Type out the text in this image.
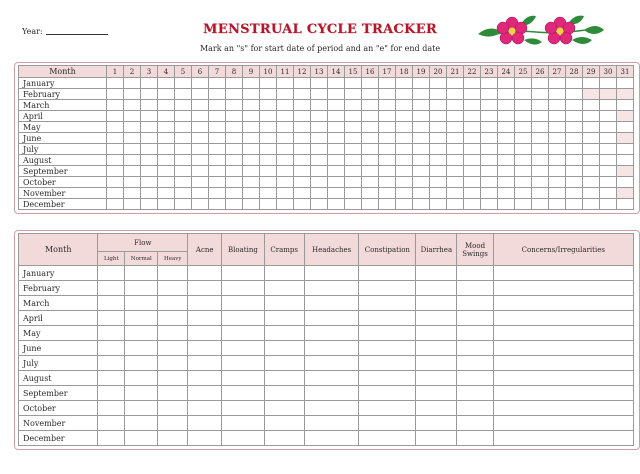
Year:	MENSTRUAL CYCLE TRACKER
Mark an "s" for start date of period and an "e" for end date
Month	1	2	3	4	5	6	7	8	9	10	11	12	13	14	15	16	17	18	19	20	21	22	23	24	25	26	27	28	29	30	31
January																															
February																															
March																															
April																															
May																															
June																															
July																															
August																															
September																															
October																															
November																															
December																															
Month	Flow			Acne	Bloating	Cramps	Headaches	Constipation	Diarrhea	Mood Swings	Concerns/Irregularities
	Light	Normal	Heavy								
January											
February											
March											
April											
May											
June											
July											
August											
September											
October											
November											
December											
